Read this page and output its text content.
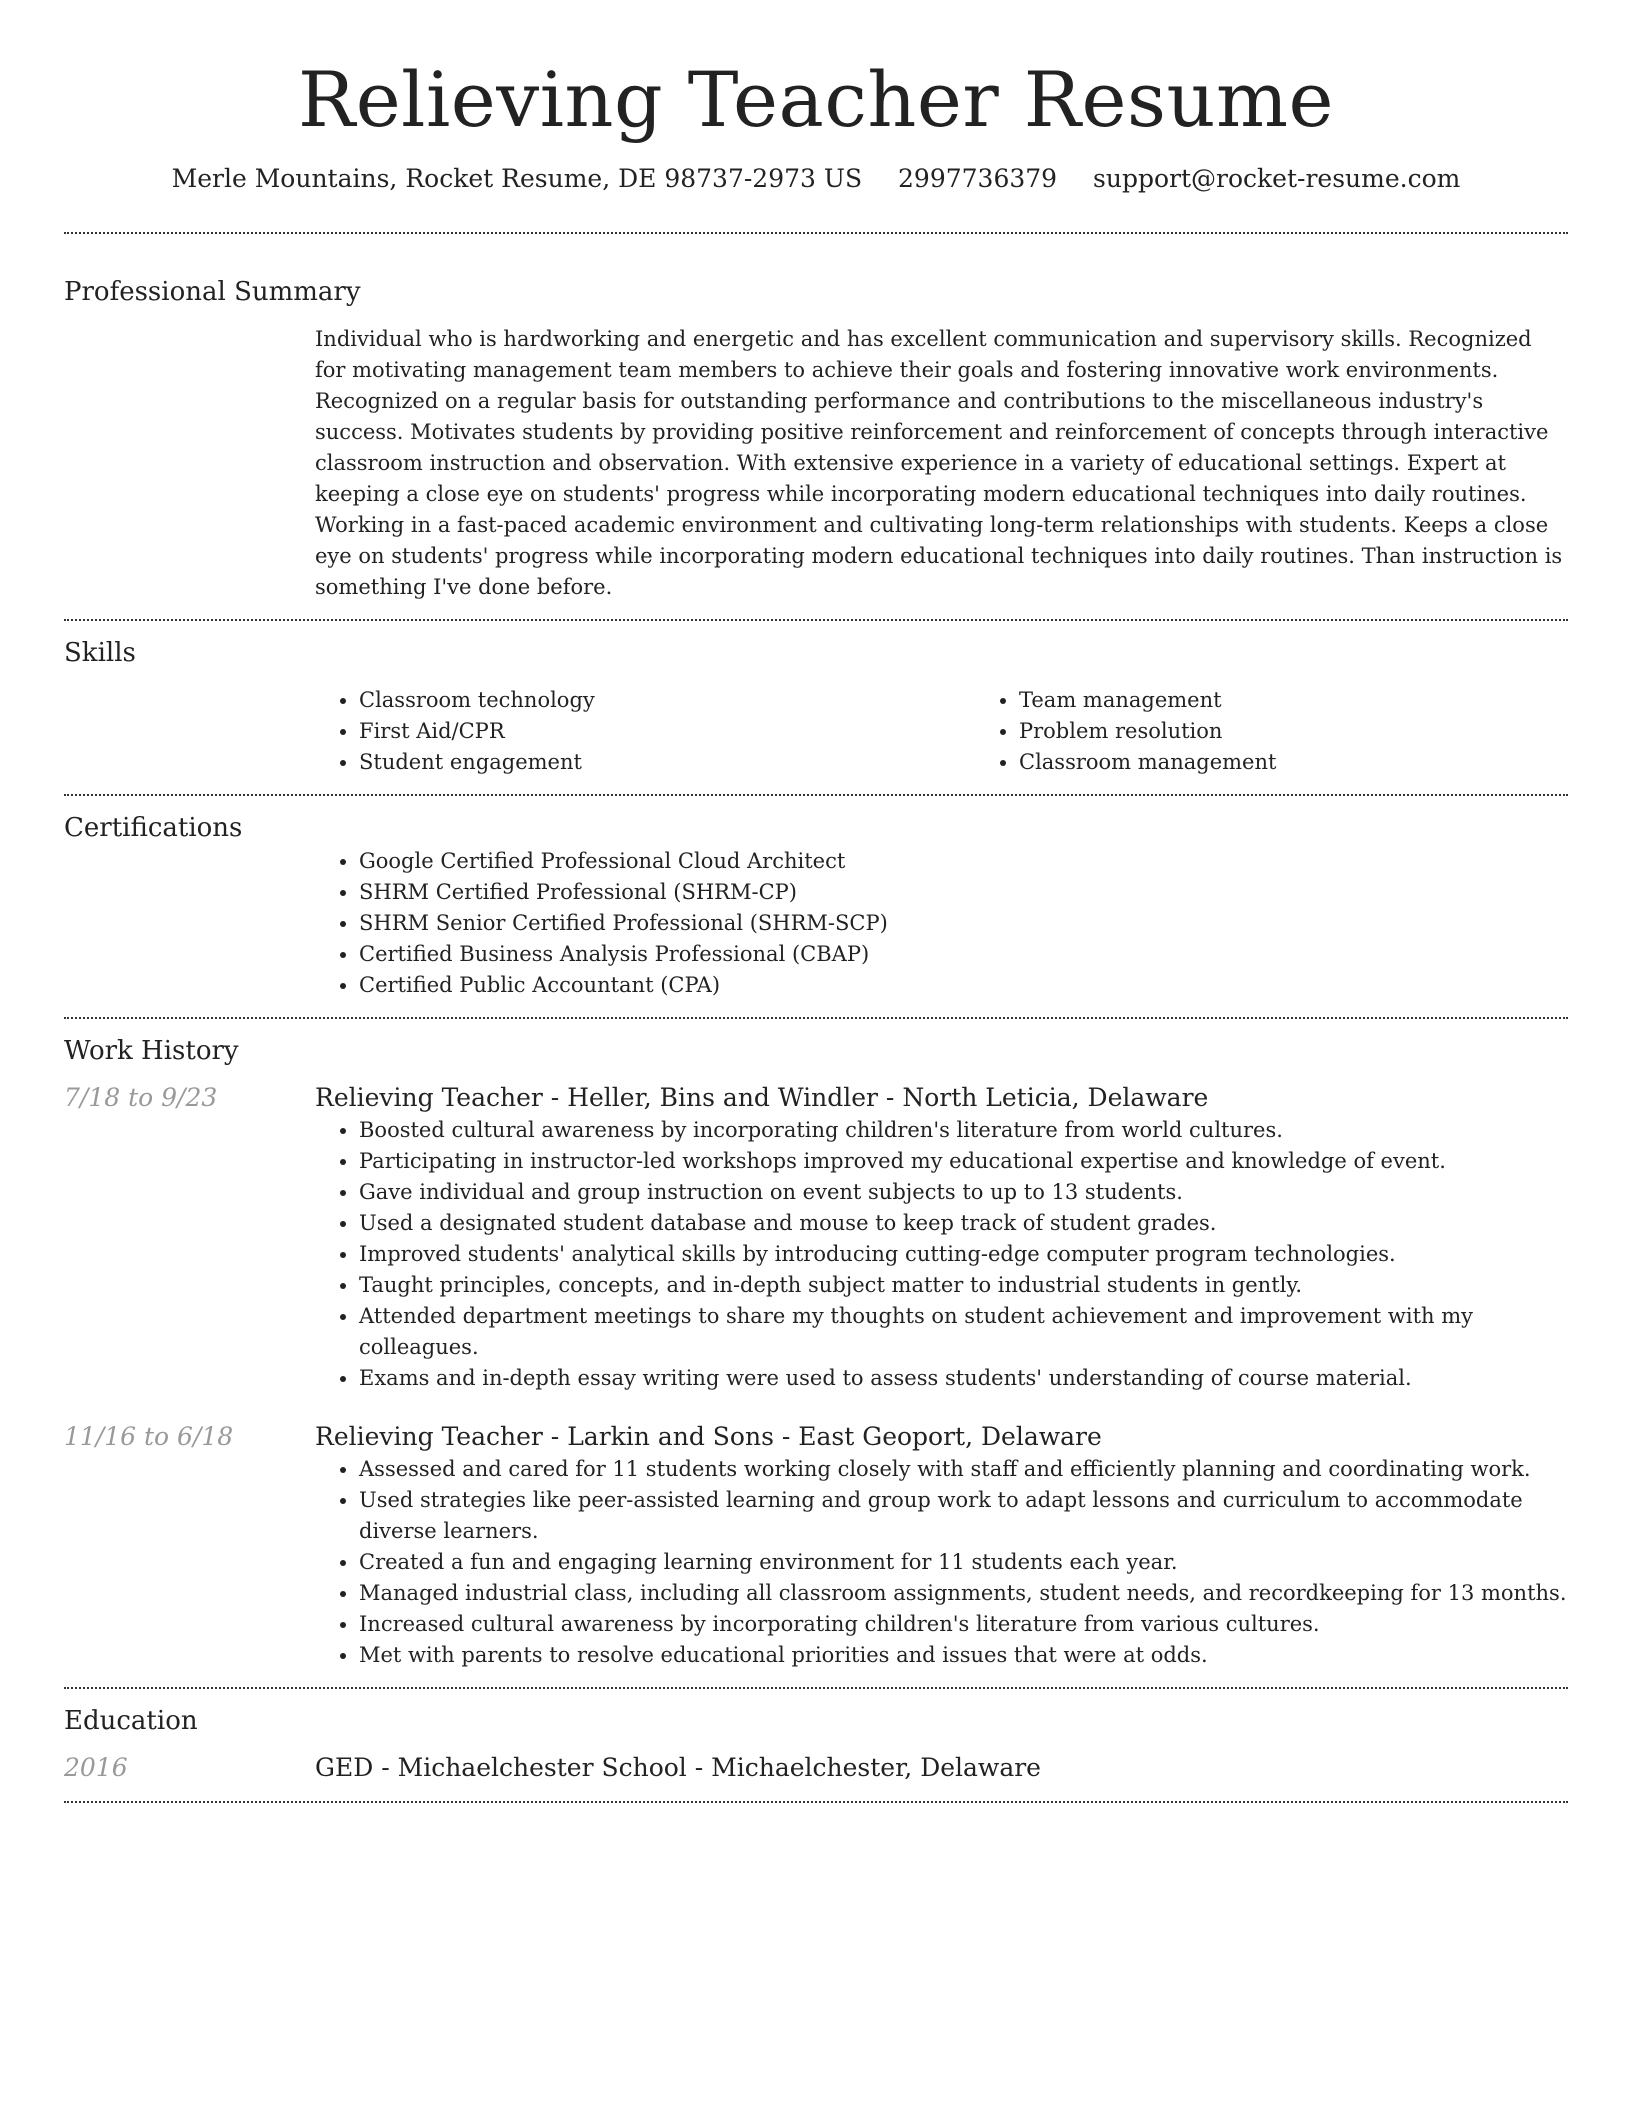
Relieving Teacher Resume
Merle Mountains, Rocket Resume, DE 98737-2973 US 2997736379 support@rocket-resume.com
Professional Summary

Individual who is hardworking and energetic and has excellent communication and supervisory skills. Recognized for motivating management team members to achieve their goals and fostering innovative work environments. Recognized on a regular basis for outstanding performance and contributions to the miscellaneous industry's success. Motivates students by providing positive reinforcement and reinforcement of concepts through interactive classroom instruction and observation. With extensive experience in a variety of educational settings. Expert at keeping a close eye on students' progress while incorporating modern educational techniques into daily routines. Working in a fast-paced academic environment and cultivating long-term relationships with students. Keeps a close eye on students' progress while incorporating modern educational techniques into daily routines. Than instruction is something I've done before.

Skills
• Classroom technology
• First Aid/CPR
• Student engagement
• Team management
• Problem resolution
• Classroom management
Certifications
• Google Certified Professional Cloud Architect
• SHRM Certified Professional (SHRM-CP)
• SHRM Senior Certified Professional (SHRM-SCP)
• Certified Business Analysis Professional (CBAP)
• Certified Public Accountant (CPA)
Work History
7/18 to 9/23	Relieving Teacher - Heller, Bins and Windler - North Leticia, Delaware
• Boosted cultural awareness by incorporating children's literature from world cultures.
• Participating in instructor-led workshops improved my educational expertise and knowledge of event.
• Gave individual and group instruction on event subjects to up to 13 students.
• Used a designated student database and mouse to keep track of student grades.
• Improved students' analytical skills by introducing cutting-edge computer program technologies.
• Taught principles, concepts, and in-depth subject matter to industrial students in gently.
• Attended department meetings to share my thoughts on student achievement and improvement with my colleagues.
• Exams and in-depth essay writing were used to assess students' understanding of course material.
11/16 to 6/18	Relieving Teacher - Larkin and Sons - East Geoport, Delaware
• Assessed and cared for 11 students working closely with staff and efficiently planning and coordinating work.
• Used strategies like peer-assisted learning and group work to adapt lessons and curriculum to accommodate diverse learners.
• Created a fun and engaging learning environment for 11 students each year.
• Managed industrial class, including all classroom assignments, student needs, and recordkeeping for 13 months.
• Increased cultural awareness by incorporating children's literature from various cultures.
• Met with parents to resolve educational priorities and issues that were at odds.
Education
2016	GED - Michaelchester School - Michaelchester, Delaware
